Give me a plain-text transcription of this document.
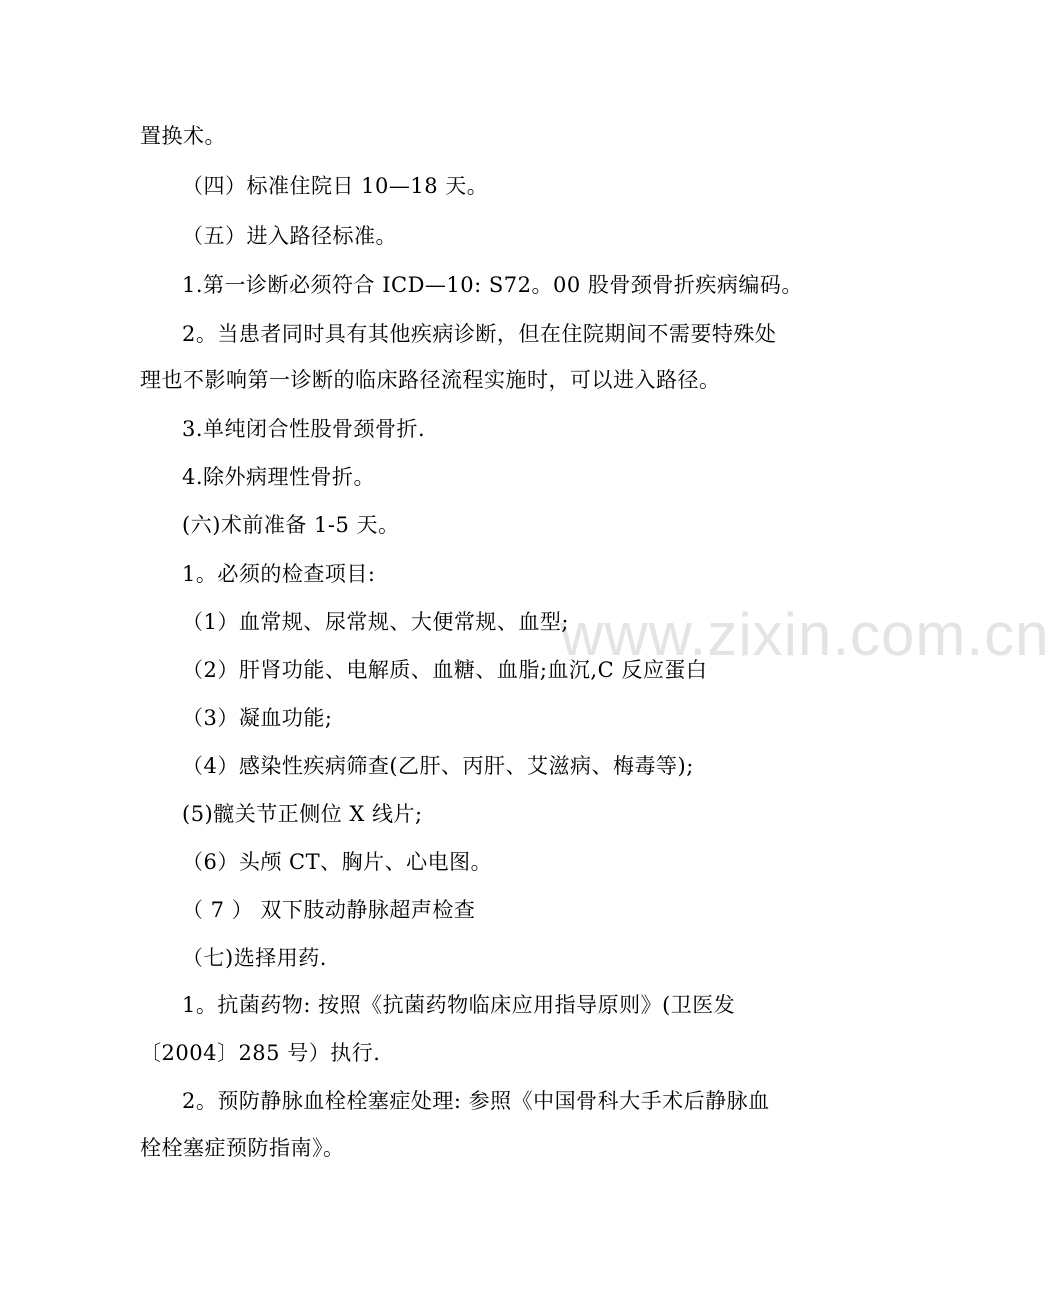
www.zixin.com.cn
置换术。
（四）标准住院日 10—18 天。
（五）进入路径标准。
1.第一诊断必须符合 ICD—10: S72。00 股骨颈骨折疾病编码。
2。当患者同时具有其他疾病诊断，但在住院期间不需要特殊处
理也不影响第一诊断的临床路径流程实施时，可以进入路径。
3.单纯闭合性股骨颈骨折.
4.除外病理性骨折。
(六)术前准备 1-5 天。
1。必须的检查项目:
（1）血常规、尿常规、大便常规、血型;
（2）肝肾功能、电解质、血糖、血脂;血沉,C 反应蛋白
（3）凝血功能;
（4）感染性疾病筛查(乙肝、丙肝、艾滋病、梅毒等);
(5)髋关节正侧位 X 线片;
（6）头颅 CT、胸片、心电图。
（ 7 ） 双下肢动静脉超声检查
（七)选择用药.
1。抗菌药物: 按照《抗菌药物临床应用指导原则》(卫医发
〔2004〕285 号）执行.
2。预防静脉血栓栓塞症处理: 参照《中国骨科大手术后静脉血
栓栓塞症预防指南》。
